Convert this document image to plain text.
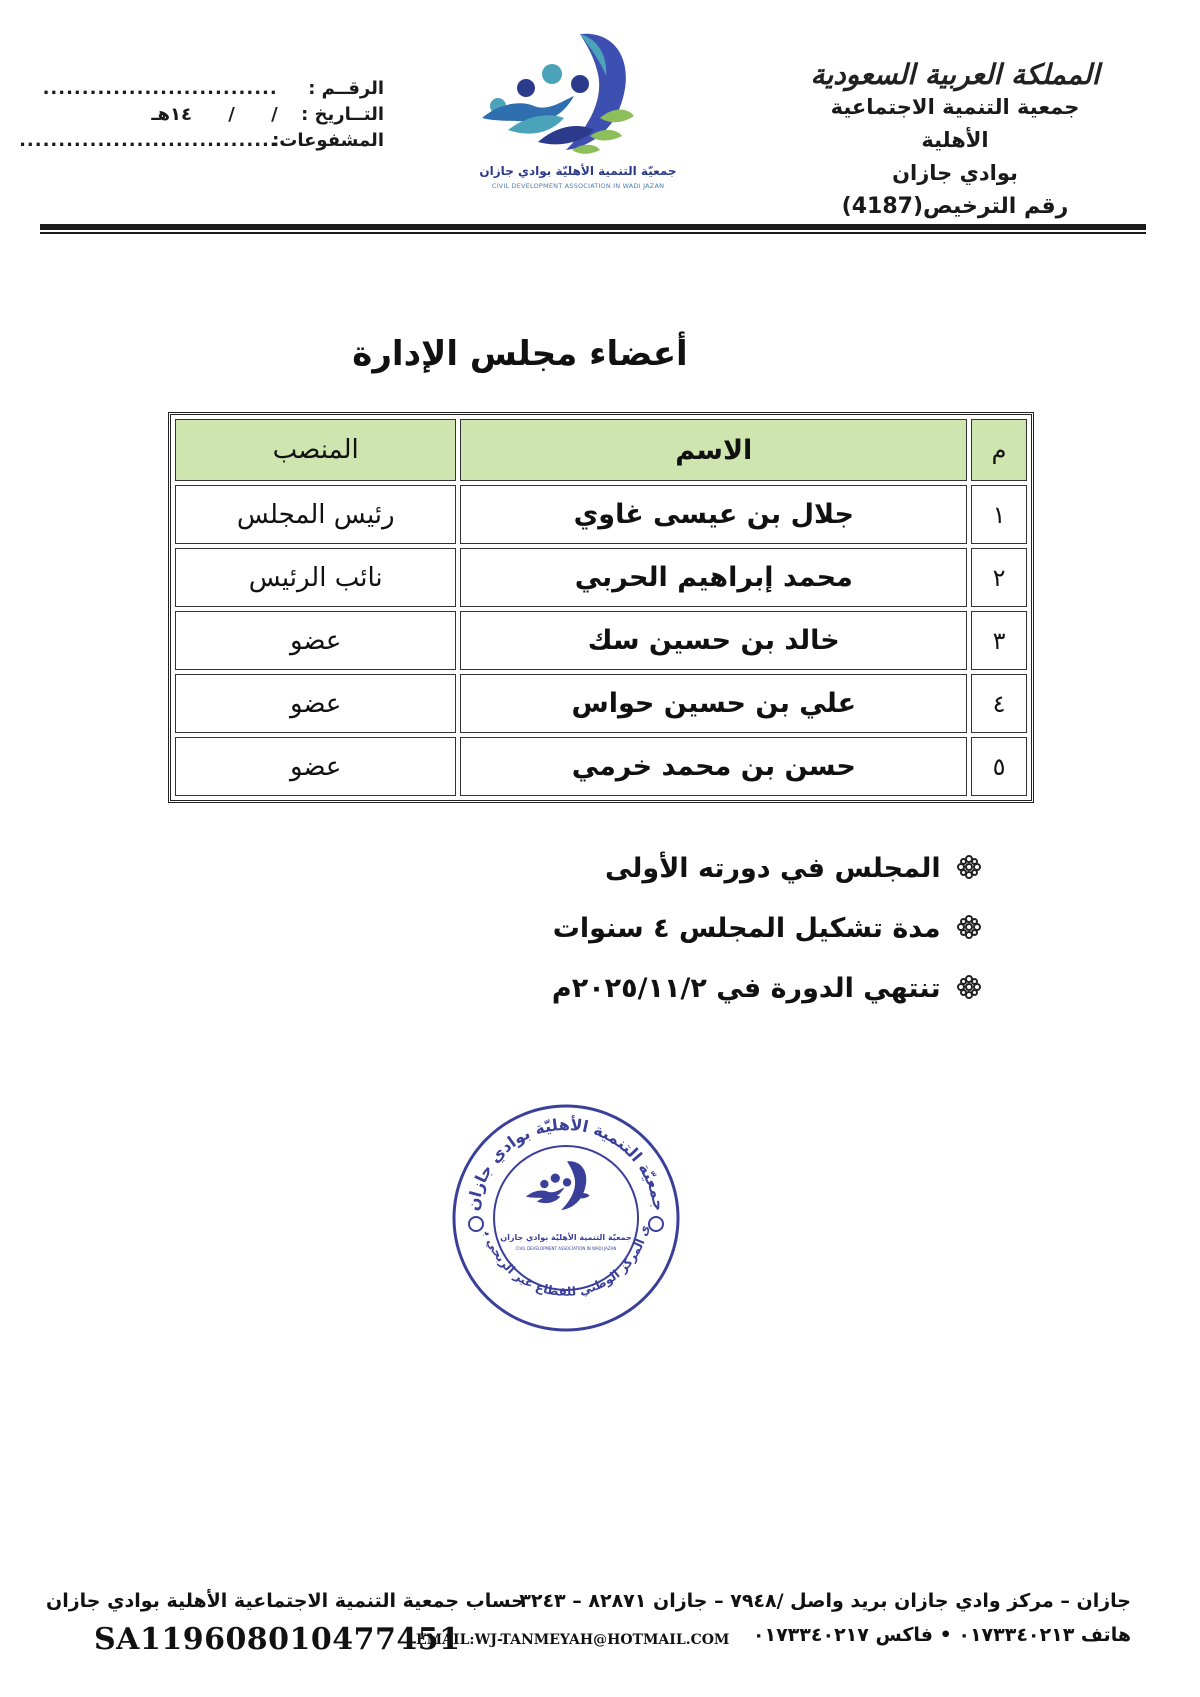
المملكة العربية السعودية
جمعية التنمية الاجتماعية الأهلية
بوادي جازان
رقم الترخيص(4187)
جمعيّة التنمية الأهليّة بوادي جازان
CIVIL DEVELOPMENT ASSOCIATION IN WADI JAZAN
الرقــم : ..............................
التــاريخ : / / ١٤هـ
المشفوعات: .................................
أعضاء مجلس الإدارة
م	الاسم	المنصب
١	جلال بن عيسى غاوي	رئيس المجلس
٢	محمد إبراهيم الحربي	نائب الرئيس
٣	خالد بن حسين سك	عضو
٤	علي بن حسين حواس	عضو
٥	حسن بن محمد خرمي	عضو
المجلس في دورته الأولى
مدة تشكيل المجلس ٤ سنوات
تنتهي الدورة في ٢٠٢٥/١١/٢م
جمعيّة التنمية الأهليّة بوادي جازان
ى المركز الوطني للقطاع غير الربحي ب جمعيّة التنمية الأهليّة بوادي جازان
CIVIL DEVELOPMENT ASSOCIATION IN WADI JAZAN
جازان – مركز وادي جازان بريد واصل /٧٩٤٨ – جازان ٨٢٨٧١ – ٣٢٤٣
حساب جمعية التنمية الاجتماعية الأهلية بوادي جازان
هاتف ٠١٧٣٣٤٠٢١٣ • فاكس ٠١٧٣٣٤٠٢١٧
EMAIL:WJ-TANMEYAH@HOTMAIL.COM
SA119608010477451
